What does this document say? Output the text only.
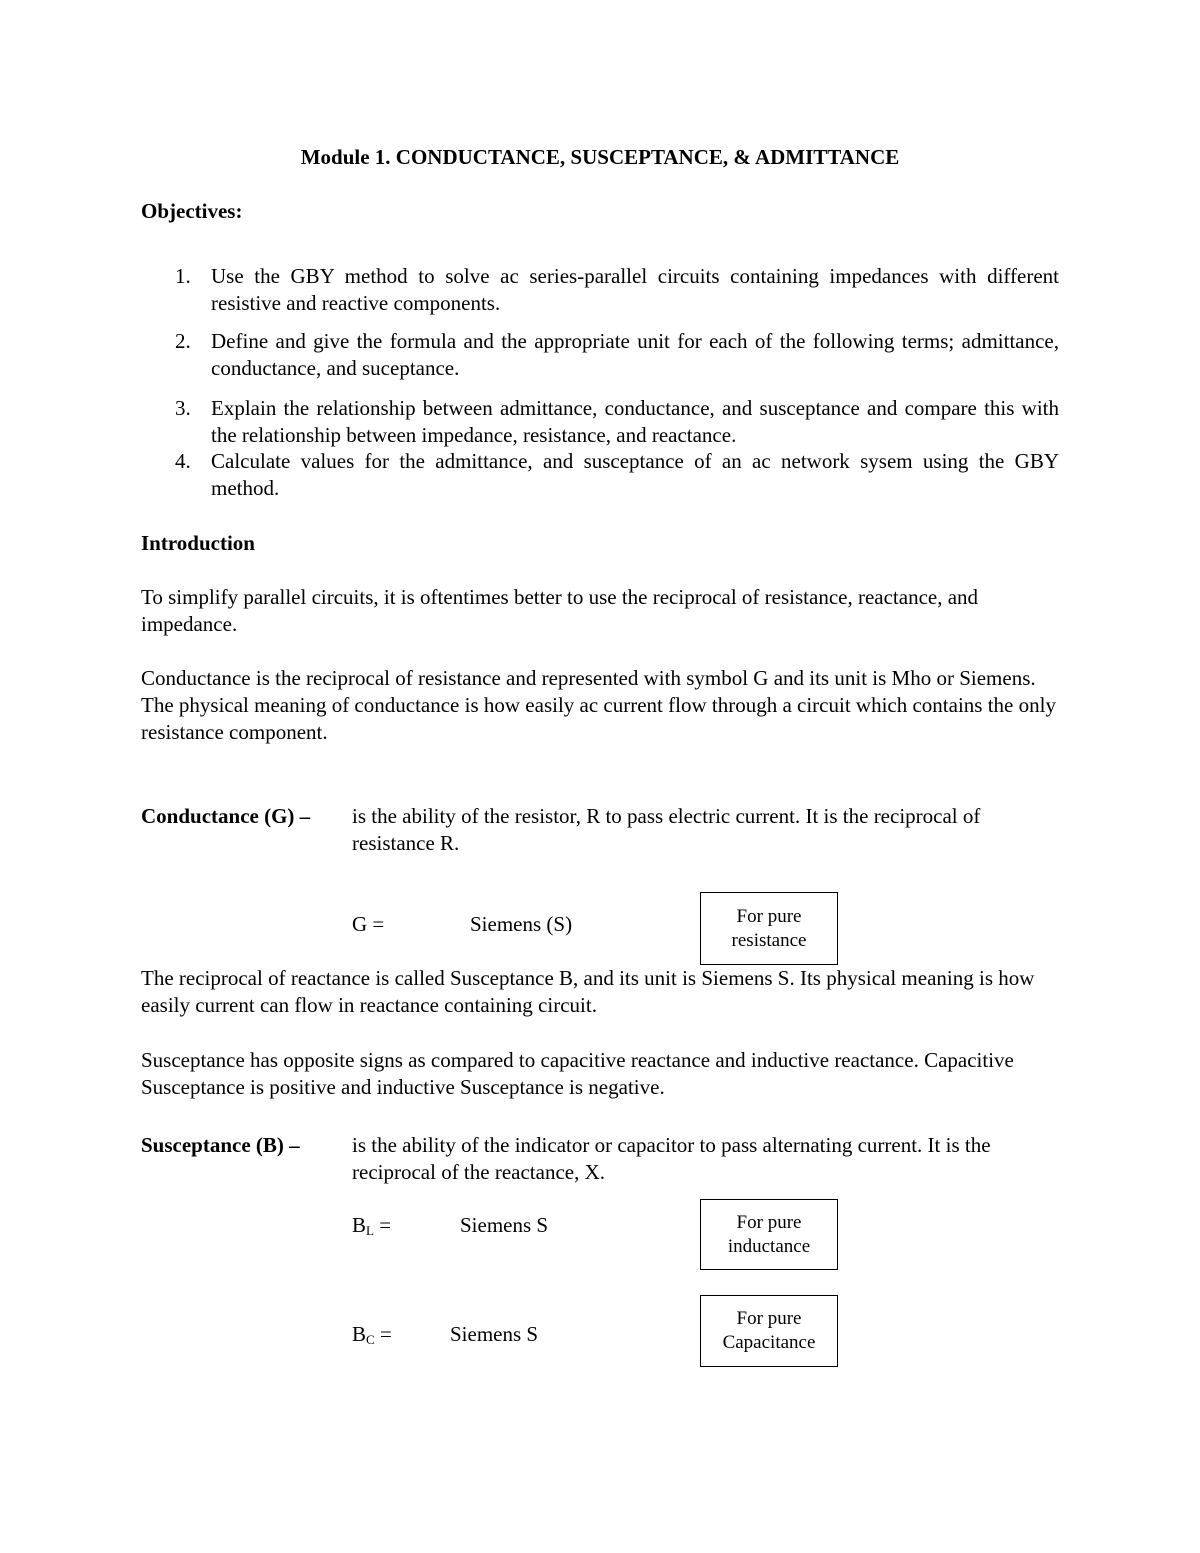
Module 1. CONDUCTANCE, SUSCEPTANCE, & ADMITTANCE
Objectives:
1. Use the GBY method to solve ac series-parallel circuits containing impedances with different resistive and reactive components.
2. Define and give the formula and the appropriate unit for each of the following terms; admittance, conductance, and suceptance.
3. Explain the relationship between admittance, conductance, and susceptance and compare this with the relationship between impedance, resistance, and reactance.
4. Calculate values for the admittance, and susceptance of an ac network sysem using the GBY method.
Introduction
To simplify parallel circuits, it is oftentimes better to use the reciprocal of resistance, reactance, and impedance.
Conductance is the reciprocal of resistance and represented with symbol G and its unit is Mho or Siemens. The physical meaning of conductance is how easily ac current flow through a circuit which contains the only resistance component.
Conductance (G) – is the ability of the resistor, R to pass electric current. It is the reciprocal of resistance R.
G =	Siemens (S)	For pure resistance
The reciprocal of reactance is called Susceptance B, and its unit is Siemens S. Its physical meaning is how easily current can flow in reactance containing circuit.
Susceptance has opposite signs as compared to capacitive reactance and inductive reactance. Capacitive Susceptance is positive and inductive Susceptance is negative.
Susceptance (B) – is the ability of the indicator or capacitor to pass alternating current. It is the reciprocal of the reactance, X.
$B_L$ =	Siemens S	For pure inductance
$B_C$ =	Siemens S
For pure Capacitance
